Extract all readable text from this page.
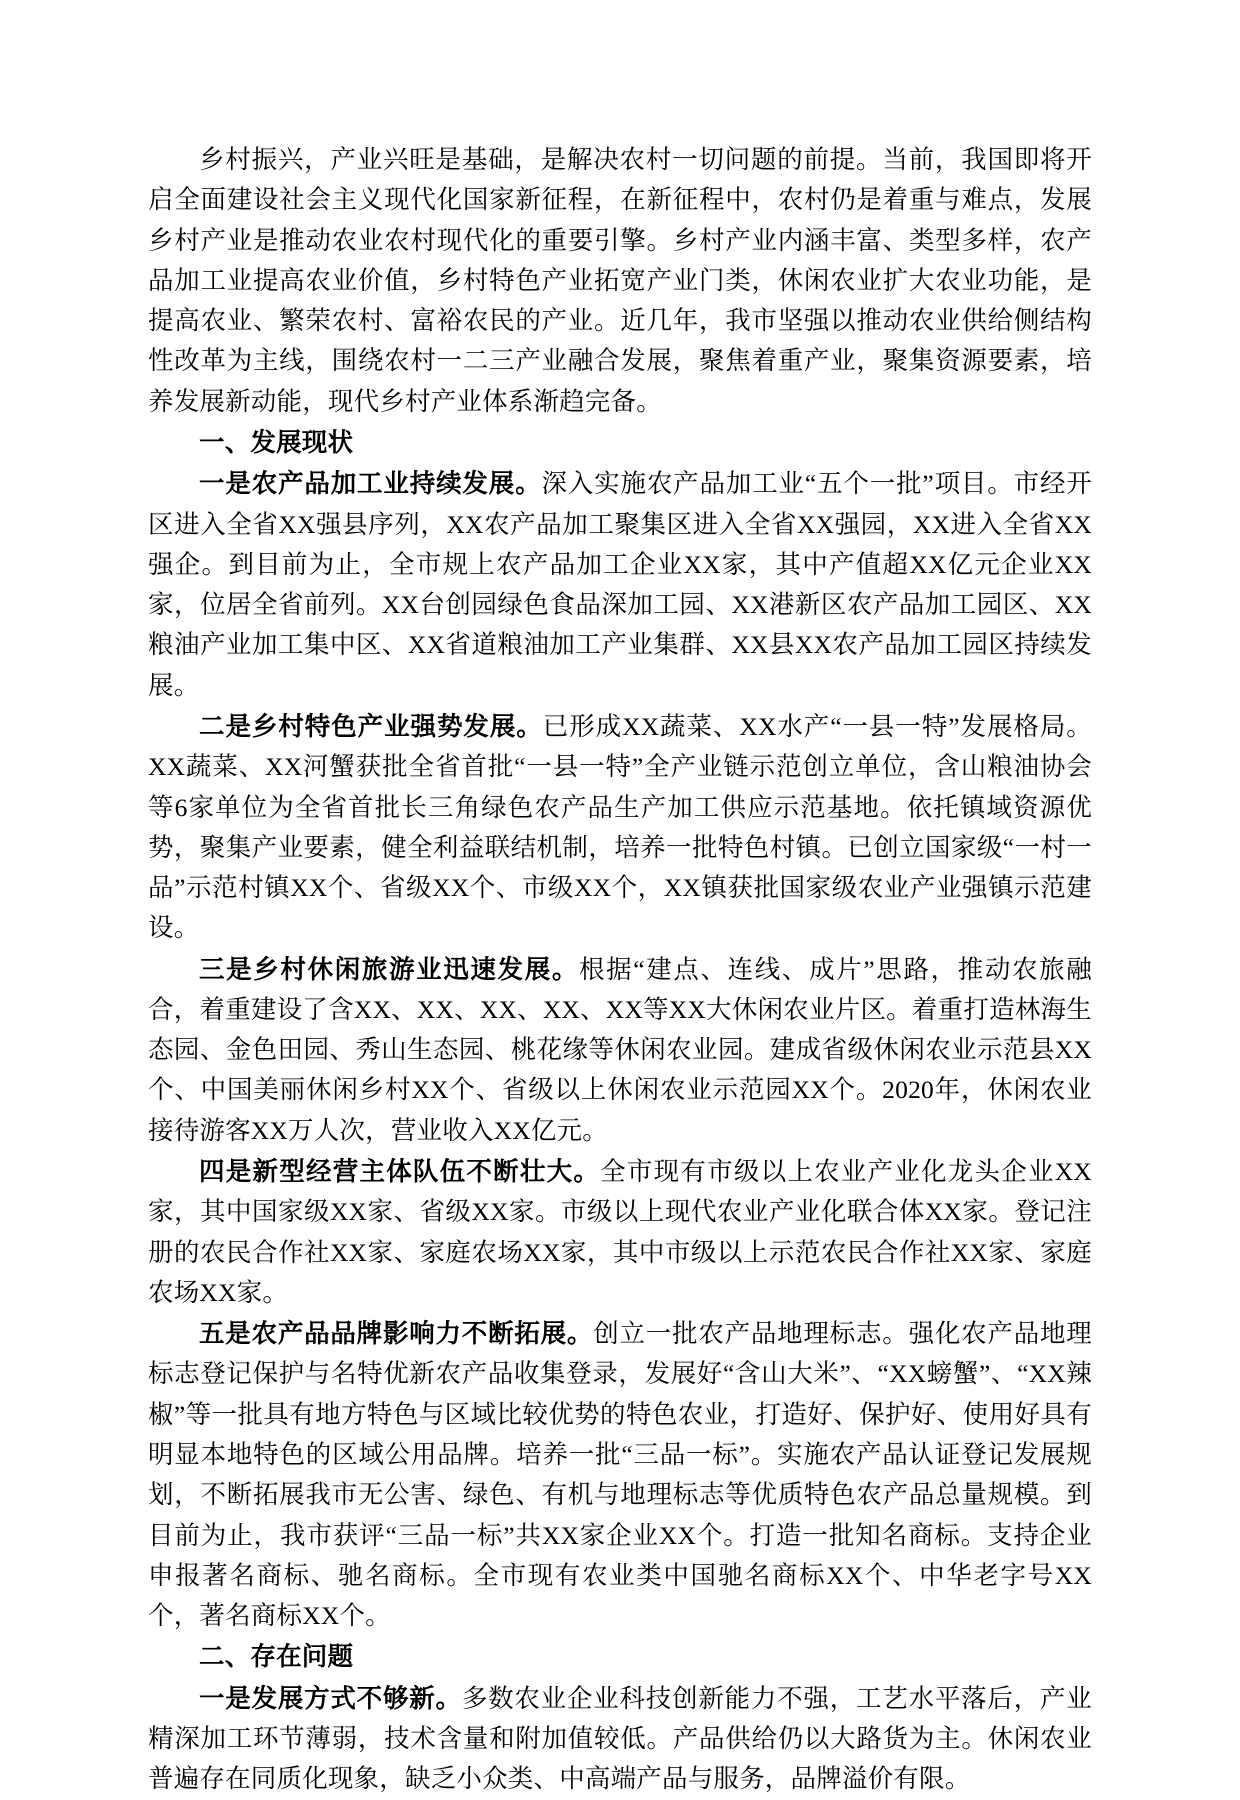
乡村振兴，产业兴旺是基础，是解决农村一切问题的前提。当前，我国即将开启全面建设社会主义现代化国家新征程，在新征程中，农村仍是着重与难点，发展乡村产业是推动农业农村现代化的重要引擎。乡村产业内涵丰富、类型多样，农产品加工业提高农业价值，乡村特色产业拓宽产业门类，休闲农业扩大农业功能，是提高农业、繁荣农村、富裕农民的产业。近几年，我市坚强以推动农业供给侧结构性改革为主线，围绕农村一二三产业融合发展，聚焦着重产业，聚集资源要素，培养发展新动能，现代乡村产业体系渐趋完备。

一、发展现状

一是农产品加工业持续发展。深入实施农产品加工业“五个一批”项目。市经开区进入全省XX强县序列，XX农产品加工聚集区进入全省XX强园，XX进入全省XX强企。到目前为止，全市规上农产品加工企业XX家，其中产值超XX亿元企业XX家，位居全省前列。XX台创园绿色食品深加工园、XX港新区农产品加工园区、XX粮油产业加工集中区、XX省道粮油加工产业集群、XX县XX农产品加工园区持续发展。

二是乡村特色产业强势发展。已形成XX蔬菜、XX水产“一县一特”发展格局。XX蔬菜、XX河蟹获批全省首批“一县一特”全产业链示范创立单位，含山粮油协会等6家单位为全省首批长三角绿色农产品生产加工供应示范基地。依托镇域资源优势，聚集产业要素，健全利益联结机制，培养一批特色村镇。已创立国家级“一村一品”示范村镇XX个、省级XX个、市级XX个，XX镇获批国家级农业产业强镇示范建设。

三是乡村休闲旅游业迅速发展。根据“建点、连线、成片”思路，推动农旅融合，着重建设了含XX、XX、XX、XX、XX等XX大休闲农业片区。着重打造林海生态园、金色田园、秀山生态园、桃花缘等休闲农业园。建成省级休闲农业示范县XX个、中国美丽休闲乡村XX个、省级以上休闲农业示范园XX个。2020年，休闲农业接待游客XX万人次，营业收入XX亿元。

四是新型经营主体队伍不断壮大。全市现有市级以上农业产业化龙头企业XX家，其中国家级XX家、省级XX家。市级以上现代农业产业化联合体XX家。登记注册的农民合作社XX家、家庭农场XX家，其中市级以上示范农民合作社XX家、家庭农场XX家。

五是农产品品牌影响力不断拓展。创立一批农产品地理标志。强化农产品地理标志登记保护与名特优新农产品收集登录，发展好“含山大米”、“XX螃蟹”、“XX辣椒”等一批具有地方特色与区域比较优势的特色农业，打造好、保护好、使用好具有明显本地特色的区域公用品牌。培养一批“三品一标”。实施农产品认证登记发展规划，不断拓展我市无公害、绿色、有机与地理标志等优质特色农产品总量规模。到目前为止，我市获评“三品一标”共XX家企业XX个。打造一批知名商标。支持企业申报著名商标、驰名商标。全市现有农业类中国驰名商标XX个、中华老字号XX个，著名商标XX个。

二、存在问题

一是发展方式不够新。多数农业企业科技创新能力不强，工艺水平落后，产业精深加工环节薄弱，技术含量和附加值较低。产品供给仍以大路货为主。休闲农业普遍存在同质化现象，缺乏小众类、中高端产品与服务，品牌溢价有限。
